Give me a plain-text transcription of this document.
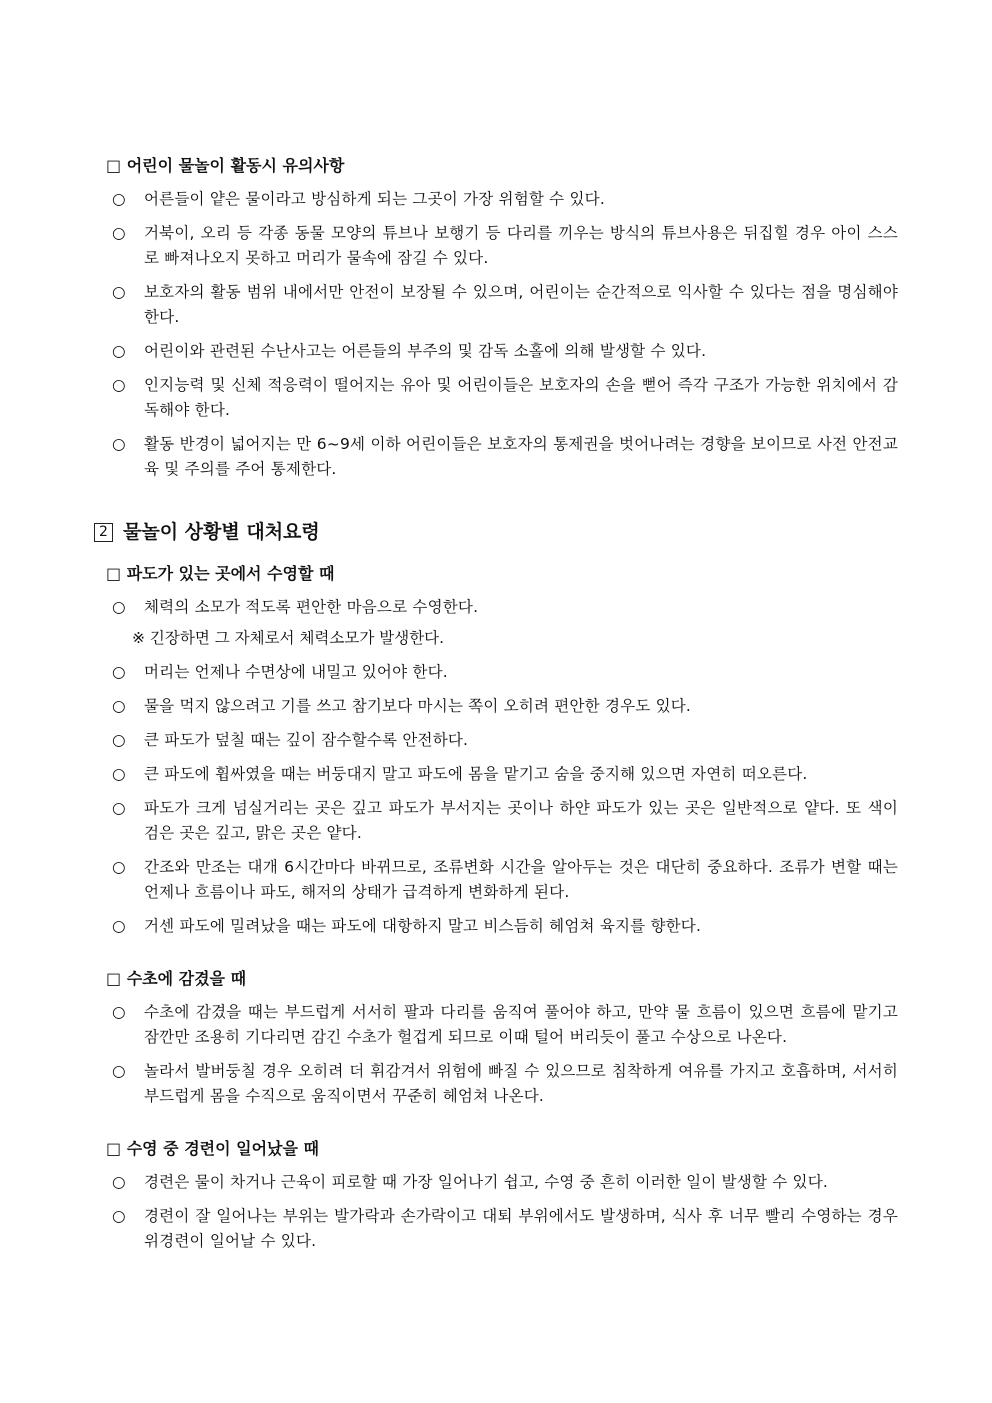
□ 어린이 물놀이 활동시 유의사항
○ 어른들이 얕은 물이라고 방심하게 되는 그곳이 가장 위험할 수 있다.
○ 거북이, 오리 등 각종 동물 모양의 튜브나 보행기 등 다리를 끼우는 방식의 튜브사용은 뒤집힐 경우 아이 스스로 빠져나오지 못하고 머리가 물속에 잠길 수 있다.
○ 보호자의 활동 범위 내에서만 안전이 보장될 수 있으며, 어린이는 순간적으로 익사할 수 있다는 점을 명심해야 한다.
○ 어린이와 관련된 수난사고는 어른들의 부주의 및 감독 소홀에 의해 발생할 수 있다.
○ 인지능력 및 신체 적응력이 떨어지는 유아 및 어린이들은 보호자의 손을 뻗어 즉각 구조가 가능한 위치에서 감독해야 한다.
○ 활동 반경이 넓어지는 만 6~9세 이하 어린이들은 보호자의 통제권을 벗어나려는 경향을 보이므로 사전 안전교육 및 주의를 주어 통제한다.
2 물놀이 상황별 대처요령
□ 파도가 있는 곳에서 수영할 때
○ 체력의 소모가 적도록 편안한 마음으로 수영한다.
※ 긴장하면 그 자체로서 체력소모가 발생한다.
○ 머리는 언제나 수면상에 내밀고 있어야 한다.
○ 물을 먹지 않으려고 기를 쓰고 참기보다 마시는 쪽이 오히려 편안한 경우도 있다.
○ 큰 파도가 덮칠 때는 깊이 잠수할수록 안전하다.
○ 큰 파도에 휩싸였을 때는 버둥대지 말고 파도에 몸을 맡기고 숨을 중지해 있으면 자연히 떠오른다.
○ 파도가 크게 넘실거리는 곳은 깊고 파도가 부서지는 곳이나 하얀 파도가 있는 곳은 일반적으로 얕다. 또 색이 검은 곳은 깊고, 맑은 곳은 얕다.
○ 간조와 만조는 대개 6시간마다 바뀌므로, 조류변화 시간을 알아두는 것은 대단히 중요하다. 조류가 변할 때는 언제나 흐름이나 파도, 해저의 상태가 급격하게 변화하게 된다.
○ 거센 파도에 밀려났을 때는 파도에 대항하지 말고 비스듬히 헤엄쳐 육지를 향한다.
□ 수초에 감겼을 때
○ 수초에 감겼을 때는 부드럽게 서서히 팔과 다리를 움직여 풀어야 하고, 만약 물 흐름이 있으면 흐름에 맡기고 잠깐만 조용히 기다리면 감긴 수초가 헐겁게 되므로 이때 털어 버리듯이 풀고 수상으로 나온다.
○ 놀라서 발버둥칠 경우 오히려 더 휘감겨서 위험에 빠질 수 있으므로 침착하게 여유를 가지고 호흡하며, 서서히 부드럽게 몸을 수직으로 움직이면서 꾸준히 헤엄쳐 나온다.
□ 수영 중 경련이 일어났을 때
○ 경련은 물이 차거나 근육이 피로할 때 가장 일어나기 쉽고, 수영 중 흔히 이러한 일이 발생할 수 있다.
○ 경련이 잘 일어나는 부위는 발가락과 손가락이고 대퇴 부위에서도 발생하며, 식사 후 너무 빨리 수영하는 경우 위경련이 일어날 수 있다.
